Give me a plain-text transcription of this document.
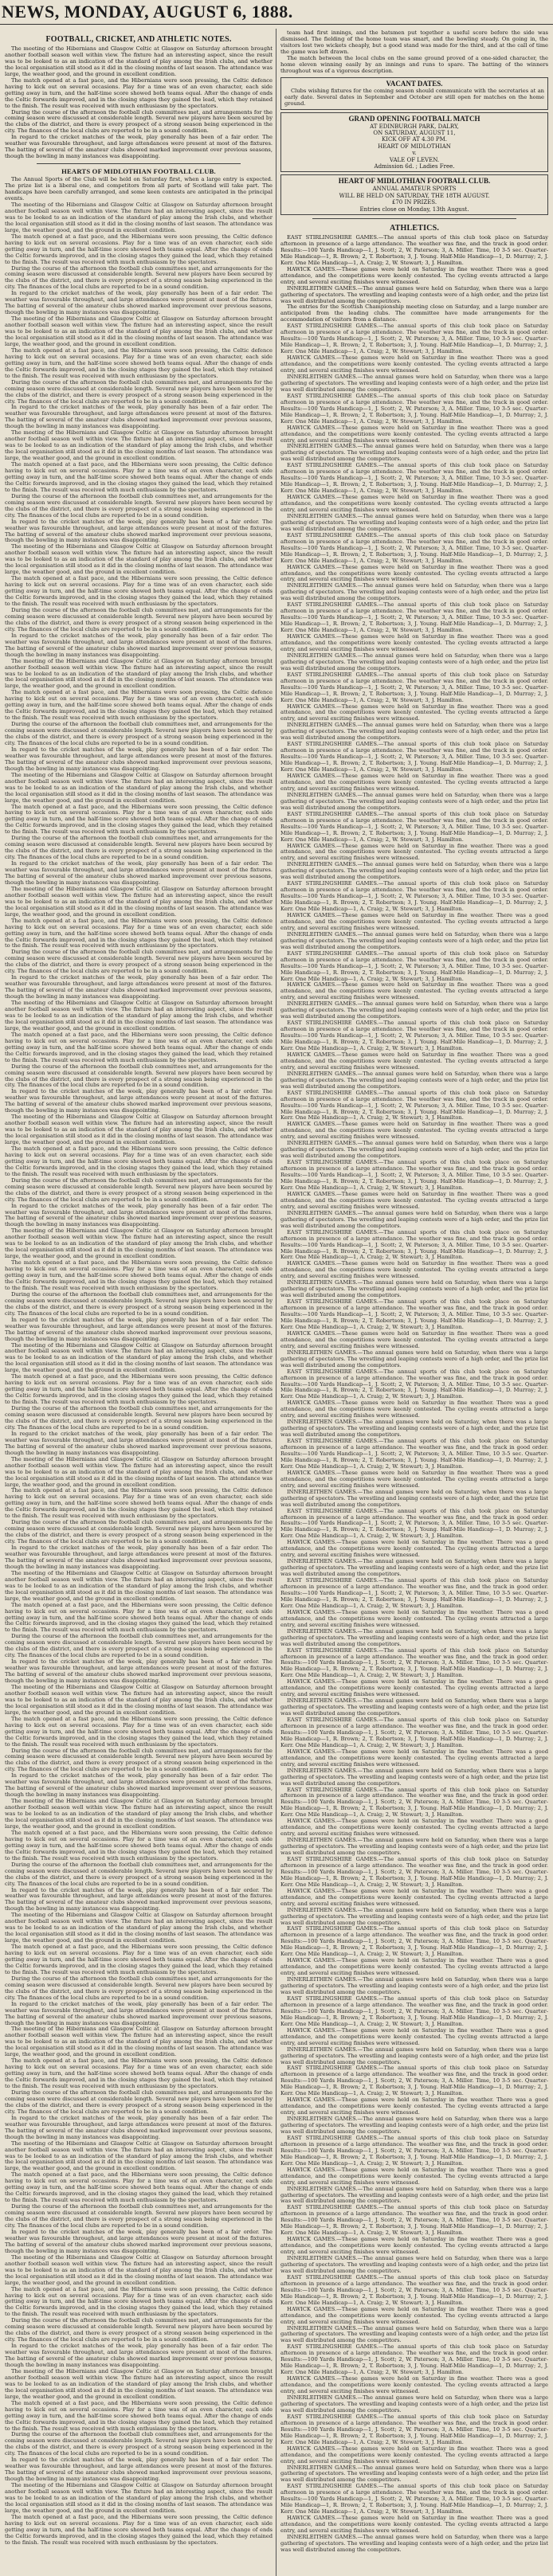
NEWS, MONDAY, AUGUST 6, 1888.
FOOTBALL, CRICKET, AND ATHLETIC NOTES.

The meeting of the Hibernians and Glasgow Celtic at Glasgow on Saturday afternoon brought another football season well within view. The fixture had an interesting aspect, since the result was to be looked to as an indication of the standard of play among the Irish clubs, and whether the local organisation still stood as it did in the closing months of last season. The attendance was large, the weather good, and the ground in excellent condition.

The match opened at a fast pace, and the Hibernians were soon pressing, the Celtic defence having to kick out on several occasions. Play for a time was of an even character, each side getting away in turn, and the half-time score showed both teams equal. After the change of ends the Celtic forwards improved, and in the closing stages they gained the lead, which they retained to the finish. The result was received with much enthusiasm by the spectators.

During the course of the afternoon the football club committees met, and arrangements for the coming season were discussed at considerable length. Several new players have been secured by the clubs of the district, and there is every prospect of a strong season being experienced in the city. The finances of the local clubs are reported to be in a sound condition.

In regard to the cricket matches of the week, play generally has been of a fair order. The weather was favourable throughout, and large attendances were present at most of the fixtures. The batting of several of the amateur clubs showed marked improvement over previous seasons, though the bowling in many instances was disappointing.

HEARTS OF MIDLOTHIAN FOOTBALL CLUB.

The Annual Sports of the Club will be held on Saturday first, when a large entry is expected. The prize list is a liberal one, and competitors from all parts of Scotland will take part. The handicaps have been carefully arranged, and some keen contests are anticipated in the principal events.

The meeting of the Hibernians and Glasgow Celtic at Glasgow on Saturday afternoon brought another football season well within view. The fixture had an interesting aspect, since the result was to be looked to as an indication of the standard of play among the Irish clubs, and whether the local organisation still stood as it did in the closing months of last season. The attendance was large, the weather good, and the ground in excellent condition.

The match opened at a fast pace, and the Hibernians were soon pressing, the Celtic defence having to kick out on several occasions. Play for a time was of an even character, each side getting away in turn, and the half-time score showed both teams equal. After the change of ends the Celtic forwards improved, and in the closing stages they gained the lead, which they retained to the finish. The result was received with much enthusiasm by the spectators.

During the course of the afternoon the football club committees met, and arrangements for the coming season were discussed at considerable length. Several new players have been secured by the clubs of the district, and there is every prospect of a strong season being experienced in the city. The finances of the local clubs are reported to be in a sound condition.

In regard to the cricket matches of the week, play generally has been of a fair order. The weather was favourable throughout, and large attendances were present at most of the fixtures. The batting of several of the amateur clubs showed marked improvement over previous seasons, though the bowling in many instances was disappointing.

The meeting of the Hibernians and Glasgow Celtic at Glasgow on Saturday afternoon brought another football season well within view. The fixture had an interesting aspect, since the result was to be looked to as an indication of the standard of play among the Irish clubs, and whether the local organisation still stood as it did in the closing months of last season. The attendance was large, the weather good, and the ground in excellent condition.

The match opened at a fast pace, and the Hibernians were soon pressing, the Celtic defence having to kick out on several occasions. Play for a time was of an even character, each side getting away in turn, and the half-time score showed both teams equal. After the change of ends the Celtic forwards improved, and in the closing stages they gained the lead, which they retained to the finish. The result was received with much enthusiasm by the spectators.

During the course of the afternoon the football club committees met, and arrangements for the coming season were discussed at considerable length. Several new players have been secured by the clubs of the district, and there is every prospect of a strong season being experienced in the city. The finances of the local clubs are reported to be in a sound condition.

In regard to the cricket matches of the week, play generally has been of a fair order. The weather was favourable throughout, and large attendances were present at most of the fixtures. The batting of several of the amateur clubs showed marked improvement over previous seasons, though the bowling in many instances was disappointing.

The meeting of the Hibernians and Glasgow Celtic at Glasgow on Saturday afternoon brought another football season well within view. The fixture had an interesting aspect, since the result was to be looked to as an indication of the standard of play among the Irish clubs, and whether the local organisation still stood as it did in the closing months of last season. The attendance was large, the weather good, and the ground in excellent condition.

The match opened at a fast pace, and the Hibernians were soon pressing, the Celtic defence having to kick out on several occasions. Play for a time was of an even character, each side getting away in turn, and the half-time score showed both teams equal. After the change of ends the Celtic forwards improved, and in the closing stages they gained the lead, which they retained to the finish. The result was received with much enthusiasm by the spectators.

During the course of the afternoon the football club committees met, and arrangements for the coming season were discussed at considerable length. Several new players have been secured by the clubs of the district, and there is every prospect of a strong season being experienced in the city. The finances of the local clubs are reported to be in a sound condition.

In regard to the cricket matches of the week, play generally has been of a fair order. The weather was favourable throughout, and large attendances were present at most of the fixtures. The batting of several of the amateur clubs showed marked improvement over previous seasons, though the bowling in many instances was disappointing.

The meeting of the Hibernians and Glasgow Celtic at Glasgow on Saturday afternoon brought another football season well within view. The fixture had an interesting aspect, since the result was to be looked to as an indication of the standard of play among the Irish clubs, and whether the local organisation still stood as it did in the closing months of last season. The attendance was large, the weather good, and the ground in excellent condition.

The match opened at a fast pace, and the Hibernians were soon pressing, the Celtic defence having to kick out on several occasions. Play for a time was of an even character, each side getting away in turn, and the half-time score showed both teams equal. After the change of ends the Celtic forwards improved, and in the closing stages they gained the lead, which they retained to the finish. The result was received with much enthusiasm by the spectators.

During the course of the afternoon the football club committees met, and arrangements for the coming season were discussed at considerable length. Several new players have been secured by the clubs of the district, and there is every prospect of a strong season being experienced in the city. The finances of the local clubs are reported to be in a sound condition.

In regard to the cricket matches of the week, play generally has been of a fair order. The weather was favourable throughout, and large attendances were present at most of the fixtures. The batting of several of the amateur clubs showed marked improvement over previous seasons, though the bowling in many instances was disappointing.

The meeting of the Hibernians and Glasgow Celtic at Glasgow on Saturday afternoon brought another football season well within view. The fixture had an interesting aspect, since the result was to be looked to as an indication of the standard of play among the Irish clubs, and whether the local organisation still stood as it did in the closing months of last season. The attendance was large, the weather good, and the ground in excellent condition.

The match opened at a fast pace, and the Hibernians were soon pressing, the Celtic defence having to kick out on several occasions. Play for a time was of an even character, each side getting away in turn, and the half-time score showed both teams equal. After the change of ends the Celtic forwards improved, and in the closing stages they gained the lead, which they retained to the finish. The result was received with much enthusiasm by the spectators.

During the course of the afternoon the football club committees met, and arrangements for the coming season were discussed at considerable length. Several new players have been secured by the clubs of the district, and there is every prospect of a strong season being experienced in the city. The finances of the local clubs are reported to be in a sound condition.

In regard to the cricket matches of the week, play generally has been of a fair order. The weather was favourable throughout, and large attendances were present at most of the fixtures. The batting of several of the amateur clubs showed marked improvement over previous seasons, though the bowling in many instances was disappointing.

The meeting of the Hibernians and Glasgow Celtic at Glasgow on Saturday afternoon brought another football season well within view. The fixture had an interesting aspect, since the result was to be looked to as an indication of the standard of play among the Irish clubs, and whether the local organisation still stood as it did in the closing months of last season. The attendance was large, the weather good, and the ground in excellent condition.

The match opened at a fast pace, and the Hibernians were soon pressing, the Celtic defence having to kick out on several occasions. Play for a time was of an even character, each side getting away in turn, and the half-time score showed both teams equal. After the change of ends the Celtic forwards improved, and in the closing stages they gained the lead, which they retained to the finish. The result was received with much enthusiasm by the spectators.

During the course of the afternoon the football club committees met, and arrangements for the coming season were discussed at considerable length. Several new players have been secured by the clubs of the district, and there is every prospect of a strong season being experienced in the city. The finances of the local clubs are reported to be in a sound condition.

In regard to the cricket matches of the week, play generally has been of a fair order. The weather was favourable throughout, and large attendances were present at most of the fixtures. The batting of several of the amateur clubs showed marked improvement over previous seasons, though the bowling in many instances was disappointing.

The meeting of the Hibernians and Glasgow Celtic at Glasgow on Saturday afternoon brought another football season well within view. The fixture had an interesting aspect, since the result was to be looked to as an indication of the standard of play among the Irish clubs, and whether the local organisation still stood as it did in the closing months of last season. The attendance was large, the weather good, and the ground in excellent condition.

The match opened at a fast pace, and the Hibernians were soon pressing, the Celtic defence having to kick out on several occasions. Play for a time was of an even character, each side getting away in turn, and the half-time score showed both teams equal. After the change of ends the Celtic forwards improved, and in the closing stages they gained the lead, which they retained to the finish. The result was received with much enthusiasm by the spectators.

During the course of the afternoon the football club committees met, and arrangements for the coming season were discussed at considerable length. Several new players have been secured by the clubs of the district, and there is every prospect of a strong season being experienced in the city. The finances of the local clubs are reported to be in a sound condition.

In regard to the cricket matches of the week, play generally has been of a fair order. The weather was favourable throughout, and large attendances were present at most of the fixtures. The batting of several of the amateur clubs showed marked improvement over previous seasons, though the bowling in many instances was disappointing.

The meeting of the Hibernians and Glasgow Celtic at Glasgow on Saturday afternoon brought another football season well within view. The fixture had an interesting aspect, since the result was to be looked to as an indication of the standard of play among the Irish clubs, and whether the local organisation still stood as it did in the closing months of last season. The attendance was large, the weather good, and the ground in excellent condition.

The match opened at a fast pace, and the Hibernians were soon pressing, the Celtic defence having to kick out on several occasions. Play for a time was of an even character, each side getting away in turn, and the half-time score showed both teams equal. After the change of ends the Celtic forwards improved, and in the closing stages they gained the lead, which they retained to the finish. The result was received with much enthusiasm by the spectators.

During the course of the afternoon the football club committees met, and arrangements for the coming season were discussed at considerable length. Several new players have been secured by the clubs of the district, and there is every prospect of a strong season being experienced in the city. The finances of the local clubs are reported to be in a sound condition.

In regard to the cricket matches of the week, play generally has been of a fair order. The weather was favourable throughout, and large attendances were present at most of the fixtures. The batting of several of the amateur clubs showed marked improvement over previous seasons, though the bowling in many instances was disappointing.

The meeting of the Hibernians and Glasgow Celtic at Glasgow on Saturday afternoon brought another football season well within view. The fixture had an interesting aspect, since the result was to be looked to as an indication of the standard of play among the Irish clubs, and whether the local organisation still stood as it did in the closing months of last season. The attendance was large, the weather good, and the ground in excellent condition.

The match opened at a fast pace, and the Hibernians were soon pressing, the Celtic defence having to kick out on several occasions. Play for a time was of an even character, each side getting away in turn, and the half-time score showed both teams equal. After the change of ends the Celtic forwards improved, and in the closing stages they gained the lead, which they retained to the finish. The result was received with much enthusiasm by the spectators.

During the course of the afternoon the football club committees met, and arrangements for the coming season were discussed at considerable length. Several new players have been secured by the clubs of the district, and there is every prospect of a strong season being experienced in the city. The finances of the local clubs are reported to be in a sound condition.

In regard to the cricket matches of the week, play generally has been of a fair order. The weather was favourable throughout, and large attendances were present at most of the fixtures. The batting of several of the amateur clubs showed marked improvement over previous seasons, though the bowling in many instances was disappointing.

The meeting of the Hibernians and Glasgow Celtic at Glasgow on Saturday afternoon brought another football season well within view. The fixture had an interesting aspect, since the result was to be looked to as an indication of the standard of play among the Irish clubs, and whether the local organisation still stood as it did in the closing months of last season. The attendance was large, the weather good, and the ground in excellent condition.

The match opened at a fast pace, and the Hibernians were soon pressing, the Celtic defence having to kick out on several occasions. Play for a time was of an even character, each side getting away in turn, and the half-time score showed both teams equal. After the change of ends the Celtic forwards improved, and in the closing stages they gained the lead, which they retained to the finish. The result was received with much enthusiasm by the spectators.

During the course of the afternoon the football club committees met, and arrangements for the coming season were discussed at considerable length. Several new players have been secured by the clubs of the district, and there is every prospect of a strong season being experienced in the city. The finances of the local clubs are reported to be in a sound condition.

In regard to the cricket matches of the week, play generally has been of a fair order. The weather was favourable throughout, and large attendances were present at most of the fixtures. The batting of several of the amateur clubs showed marked improvement over previous seasons, though the bowling in many instances was disappointing.

The meeting of the Hibernians and Glasgow Celtic at Glasgow on Saturday afternoon brought another football season well within view. The fixture had an interesting aspect, since the result was to be looked to as an indication of the standard of play among the Irish clubs, and whether the local organisation still stood as it did in the closing months of last season. The attendance was large, the weather good, and the ground in excellent condition.

The match opened at a fast pace, and the Hibernians were soon pressing, the Celtic defence having to kick out on several occasions. Play for a time was of an even character, each side getting away in turn, and the half-time score showed both teams equal. After the change of ends the Celtic forwards improved, and in the closing stages they gained the lead, which they retained to the finish. The result was received with much enthusiasm by the spectators.

During the course of the afternoon the football club committees met, and arrangements for the coming season were discussed at considerable length. Several new players have been secured by the clubs of the district, and there is every prospect of a strong season being experienced in the city. The finances of the local clubs are reported to be in a sound condition.

In regard to the cricket matches of the week, play generally has been of a fair order. The weather was favourable throughout, and large attendances were present at most of the fixtures. The batting of several of the amateur clubs showed marked improvement over previous seasons, though the bowling in many instances was disappointing.

The meeting of the Hibernians and Glasgow Celtic at Glasgow on Saturday afternoon brought another football season well within view. The fixture had an interesting aspect, since the result was to be looked to as an indication of the standard of play among the Irish clubs, and whether the local organisation still stood as it did in the closing months of last season. The attendance was large, the weather good, and the ground in excellent condition.

The match opened at a fast pace, and the Hibernians were soon pressing, the Celtic defence having to kick out on several occasions. Play for a time was of an even character, each side getting away in turn, and the half-time score showed both teams equal. After the change of ends the Celtic forwards improved, and in the closing stages they gained the lead, which they retained to the finish. The result was received with much enthusiasm by the spectators.

During the course of the afternoon the football club committees met, and arrangements for the coming season were discussed at considerable length. Several new players have been secured by the clubs of the district, and there is every prospect of a strong season being experienced in the city. The finances of the local clubs are reported to be in a sound condition.

In regard to the cricket matches of the week, play generally has been of a fair order. The weather was favourable throughout, and large attendances were present at most of the fixtures. The batting of several of the amateur clubs showed marked improvement over previous seasons, though the bowling in many instances was disappointing.

The meeting of the Hibernians and Glasgow Celtic at Glasgow on Saturday afternoon brought another football season well within view. The fixture had an interesting aspect, since the result was to be looked to as an indication of the standard of play among the Irish clubs, and whether the local organisation still stood as it did in the closing months of last season. The attendance was large, the weather good, and the ground in excellent condition.

The match opened at a fast pace, and the Hibernians were soon pressing, the Celtic defence having to kick out on several occasions. Play for a time was of an even character, each side getting away in turn, and the half-time score showed both teams equal. After the change of ends the Celtic forwards improved, and in the closing stages they gained the lead, which they retained to the finish. The result was received with much enthusiasm by the spectators.

During the course of the afternoon the football club committees met, and arrangements for the coming season were discussed at considerable length. Several new players have been secured by the clubs of the district, and there is every prospect of a strong season being experienced in the city. The finances of the local clubs are reported to be in a sound condition.

In regard to the cricket matches of the week, play generally has been of a fair order. The weather was favourable throughout, and large attendances were present at most of the fixtures. The batting of several of the amateur clubs showed marked improvement over previous seasons, though the bowling in many instances was disappointing.

The meeting of the Hibernians and Glasgow Celtic at Glasgow on Saturday afternoon brought another football season well within view. The fixture had an interesting aspect, since the result was to be looked to as an indication of the standard of play among the Irish clubs, and whether the local organisation still stood as it did in the closing months of last season. The attendance was large, the weather good, and the ground in excellent condition.

The match opened at a fast pace, and the Hibernians were soon pressing, the Celtic defence having to kick out on several occasions. Play for a time was of an even character, each side getting away in turn, and the half-time score showed both teams equal. After the change of ends the Celtic forwards improved, and in the closing stages they gained the lead, which they retained to the finish. The result was received with much enthusiasm by the spectators.

During the course of the afternoon the football club committees met, and arrangements for the coming season were discussed at considerable length. Several new players have been secured by the clubs of the district, and there is every prospect of a strong season being experienced in the city. The finances of the local clubs are reported to be in a sound condition.

In regard to the cricket matches of the week, play generally has been of a fair order. The weather was favourable throughout, and large attendances were present at most of the fixtures. The batting of several of the amateur clubs showed marked improvement over previous seasons, though the bowling in many instances was disappointing.

The meeting of the Hibernians and Glasgow Celtic at Glasgow on Saturday afternoon brought another football season well within view. The fixture had an interesting aspect, since the result was to be looked to as an indication of the standard of play among the Irish clubs, and whether the local organisation still stood as it did in the closing months of last season. The attendance was large, the weather good, and the ground in excellent condition.

The match opened at a fast pace, and the Hibernians were soon pressing, the Celtic defence having to kick out on several occasions. Play for a time was of an even character, each side getting away in turn, and the half-time score showed both teams equal. After the change of ends the Celtic forwards improved, and in the closing stages they gained the lead, which they retained to the finish. The result was received with much enthusiasm by the spectators.

During the course of the afternoon the football club committees met, and arrangements for the coming season were discussed at considerable length. Several new players have been secured by the clubs of the district, and there is every prospect of a strong season being experienced in the city. The finances of the local clubs are reported to be in a sound condition.

In regard to the cricket matches of the week, play generally has been of a fair order. The weather was favourable throughout, and large attendances were present at most of the fixtures. The batting of several of the amateur clubs showed marked improvement over previous seasons, though the bowling in many instances was disappointing.

The meeting of the Hibernians and Glasgow Celtic at Glasgow on Saturday afternoon brought another football season well within view. The fixture had an interesting aspect, since the result was to be looked to as an indication of the standard of play among the Irish clubs, and whether the local organisation still stood as it did in the closing months of last season. The attendance was large, the weather good, and the ground in excellent condition.

The match opened at a fast pace, and the Hibernians were soon pressing, the Celtic defence having to kick out on several occasions. Play for a time was of an even character, each side getting away in turn, and the half-time score showed both teams equal. After the change of ends the Celtic forwards improved, and in the closing stages they gained the lead, which they retained to the finish. The result was received with much enthusiasm by the spectators.

During the course of the afternoon the football club committees met, and arrangements for the coming season were discussed at considerable length. Several new players have been secured by the clubs of the district, and there is every prospect of a strong season being experienced in the city. The finances of the local clubs are reported to be in a sound condition.

In regard to the cricket matches of the week, play generally has been of a fair order. The weather was favourable throughout, and large attendances were present at most of the fixtures. The batting of several of the amateur clubs showed marked improvement over previous seasons, though the bowling in many instances was disappointing.

The meeting of the Hibernians and Glasgow Celtic at Glasgow on Saturday afternoon brought another football season well within view. The fixture had an interesting aspect, since the result was to be looked to as an indication of the standard of play among the Irish clubs, and whether the local organisation still stood as it did in the closing months of last season. The attendance was large, the weather good, and the ground in excellent condition.

The match opened at a fast pace, and the Hibernians were soon pressing, the Celtic defence having to kick out on several occasions. Play for a time was of an even character, each side getting away in turn, and the half-time score showed both teams equal. After the change of ends the Celtic forwards improved, and in the closing stages they gained the lead, which they retained to the finish. The result was received with much enthusiasm by the spectators.

During the course of the afternoon the football club committees met, and arrangements for the coming season were discussed at considerable length. Several new players have been secured by the clubs of the district, and there is every prospect of a strong season being experienced in the city. The finances of the local clubs are reported to be in a sound condition.

In regard to the cricket matches of the week, play generally has been of a fair order. The weather was favourable throughout, and large attendances were present at most of the fixtures. The batting of several of the amateur clubs showed marked improvement over previous seasons, though the bowling in many instances was disappointing.

The meeting of the Hibernians and Glasgow Celtic at Glasgow on Saturday afternoon brought another football season well within view. The fixture had an interesting aspect, since the result was to be looked to as an indication of the standard of play among the Irish clubs, and whether the local organisation still stood as it did in the closing months of last season. The attendance was large, the weather good, and the ground in excellent condition.

The match opened at a fast pace, and the Hibernians were soon pressing, the Celtic defence having to kick out on several occasions. Play for a time was of an even character, each side getting away in turn, and the half-time score showed both teams equal. After the change of ends the Celtic forwards improved, and in the closing stages they gained the lead, which they retained to the finish. The result was received with much enthusiasm by the spectators.

During the course of the afternoon the football club committees met, and arrangements for the coming season were discussed at considerable length. Several new players have been secured by the clubs of the district, and there is every prospect of a strong season being experienced in the city. The finances of the local clubs are reported to be in a sound condition.

In regard to the cricket matches of the week, play generally has been of a fair order. The weather was favourable throughout, and large attendances were present at most of the fixtures. The batting of several of the amateur clubs showed marked improvement over previous seasons, though the bowling in many instances was disappointing.

The meeting of the Hibernians and Glasgow Celtic at Glasgow on Saturday afternoon brought another football season well within view. The fixture had an interesting aspect, since the result was to be looked to as an indication of the standard of play among the Irish clubs, and whether the local organisation still stood as it did in the closing months of last season. The attendance was large, the weather good, and the ground in excellent condition.

The match opened at a fast pace, and the Hibernians were soon pressing, the Celtic defence having to kick out on several occasions. Play for a time was of an even character, each side getting away in turn, and the half-time score showed both teams equal. After the change of ends the Celtic forwards improved, and in the closing stages they gained the lead, which they retained to the finish. The result was received with much enthusiasm by the spectators.

During the course of the afternoon the football club committees met, and arrangements for the coming season were discussed at considerable length. Several new players have been secured by the clubs of the district, and there is every prospect of a strong season being experienced in the city. The finances of the local clubs are reported to be in a sound condition.

In regard to the cricket matches of the week, play generally has been of a fair order. The weather was favourable throughout, and large attendances were present at most of the fixtures. The batting of several of the amateur clubs showed marked improvement over previous seasons, though the bowling in many instances was disappointing.

The meeting of the Hibernians and Glasgow Celtic at Glasgow on Saturday afternoon brought another football season well within view. The fixture had an interesting aspect, since the result was to be looked to as an indication of the standard of play among the Irish clubs, and whether the local organisation still stood as it did in the closing months of last season. The attendance was large, the weather good, and the ground in excellent condition.

The match opened at a fast pace, and the Hibernians were soon pressing, the Celtic defence having to kick out on several occasions. Play for a time was of an even character, each side getting away in turn, and the half-time score showed both teams equal. After the change of ends the Celtic forwards improved, and in the closing stages they gained the lead, which they retained to the finish. The result was received with much enthusiasm by the spectators.

During the course of the afternoon the football club committees met, and arrangements for the coming season were discussed at considerable length. Several new players have been secured by the clubs of the district, and there is every prospect of a strong season being experienced in the city. The finances of the local clubs are reported to be in a sound condition.

In regard to the cricket matches of the week, play generally has been of a fair order. The weather was favourable throughout, and large attendances were present at most of the fixtures. The batting of several of the amateur clubs showed marked improvement over previous seasons, though the bowling in many instances was disappointing.

The meeting of the Hibernians and Glasgow Celtic at Glasgow on Saturday afternoon brought another football season well within view. The fixture had an interesting aspect, since the result was to be looked to as an indication of the standard of play among the Irish clubs, and whether the local organisation still stood as it did in the closing months of last season. The attendance was large, the weather good, and the ground in excellent condition.

The match opened at a fast pace, and the Hibernians were soon pressing, the Celtic defence having to kick out on several occasions. Play for a time was of an even character, each side getting away in turn, and the half-time score showed both teams equal. After the change of ends the Celtic forwards improved, and in the closing stages they gained the lead, which they retained to the finish. The result was received with much enthusiasm by the spectators.

team had first innings, and the batsmen put together a useful score before the side was dismissed. The fielding of the home team was smart, and the bowling steady. On going in, the visitors lost two wickets cheaply, but a good stand was made for the third, and at the call of time the game was left drawn.

The match between the local clubs on the same ground proved of a one-sided character, the home eleven winning easily by an innings and runs to spare. The batting of the winners throughout was of a vigorous description.

VACANT DATES.

Clubs wishing fixtures for the coming season should communicate with the secretaries at an early date. Several dates in September and October are still open for matches on the home ground.

GRAND OPENING FOOTBALL MATCH
AT EDINBURGH PARK, DALRY,
ON SATURDAY, AUGUST 11,
KICK OFF AT 4.30 PM.
HEART OF MIDLOTHIAN
v.
VALE OF LEVEN.
Admission 6d. ; Ladies Free.
HEART OF MIDLOTHIAN FOOTBALL CLUB.
ANNUAL AMATEUR SPORTS
WILL BE HELD ON SATURDAY, THE 18TH AUGUST.
£70 IN PRIZES.
Entries close on Monday, 13th August.
ATHLETICS.

EAST STIRLINGSHIRE GAMES.—The annual sports of this club took place on Saturday afternoon in presence of a large attendance. The weather was fine, and the track in good order. Results:—100 Yards Handicap—1, J. Scott; 2, W. Paterson; 3, A. Miller. Time, 10 3-5 sec. Quarter-Mile Handicap—1, R. Brown; 2, T. Robertson; 3, J. Young. Half-Mile Handicap—1, D. Murray; 2, J. Kerr. One Mile Handicap—1, A. Craig; 2, W. Stewart; 3, J. Hamilton.

HAWICK GAMES.—These games were held on Saturday in fine weather. There was a good attendance, and the competitions were keenly contested. The cycling events attracted a large entry, and several exciting finishes were witnessed.

INNERLEITHEN GAMES.—The annual games were held on Saturday, when there was a large gathering of spectators. The wrestling and leaping contests were of a high order, and the prize list was well distributed among the competitors.

The entries for the Scottish Championship meeting close on Saturday, and a large number are anticipated from the leading clubs. The committee have made arrangements for the accommodation of visitors from a distance.

EAST STIRLINGSHIRE GAMES.—The annual sports of this club took place on Saturday afternoon in presence of a large attendance. The weather was fine, and the track in good order. Results:—100 Yards Handicap—1, J. Scott; 2, W. Paterson; 3, A. Miller. Time, 10 3-5 sec. Quarter-Mile Handicap—1, R. Brown; 2, T. Robertson; 3, J. Young. Half-Mile Handicap—1, D. Murray; 2, J. Kerr. One Mile Handicap—1, A. Craig; 2, W. Stewart; 3, J. Hamilton.

HAWICK GAMES.—These games were held on Saturday in fine weather. There was a good attendance, and the competitions were keenly contested. The cycling events attracted a large entry, and several exciting finishes were witnessed.

INNERLEITHEN GAMES.—The annual games were held on Saturday, when there was a large gathering of spectators. The wrestling and leaping contests were of a high order, and the prize list was well distributed among the competitors.

EAST STIRLINGSHIRE GAMES.—The annual sports of this club took place on Saturday afternoon in presence of a large attendance. The weather was fine, and the track in good order. Results:—100 Yards Handicap—1, J. Scott; 2, W. Paterson; 3, A. Miller. Time, 10 3-5 sec. Quarter-Mile Handicap—1, R. Brown; 2, T. Robertson; 3, J. Young. Half-Mile Handicap—1, D. Murray; 2, J. Kerr. One Mile Handicap—1, A. Craig; 2, W. Stewart; 3, J. Hamilton.

HAWICK GAMES.—These games were held on Saturday in fine weather. There was a good attendance, and the competitions were keenly contested. The cycling events attracted a large entry, and several exciting finishes were witnessed.

INNERLEITHEN GAMES.—The annual games were held on Saturday, when there was a large gathering of spectators. The wrestling and leaping contests were of a high order, and the prize list was well distributed among the competitors.

EAST STIRLINGSHIRE GAMES.—The annual sports of this club took place on Saturday afternoon in presence of a large attendance. The weather was fine, and the track in good order. Results:—100 Yards Handicap—1, J. Scott; 2, W. Paterson; 3, A. Miller. Time, 10 3-5 sec. Quarter-Mile Handicap—1, R. Brown; 2, T. Robertson; 3, J. Young. Half-Mile Handicap—1, D. Murray; 2, J. Kerr. One Mile Handicap—1, A. Craig; 2, W. Stewart; 3, J. Hamilton.

HAWICK GAMES.—These games were held on Saturday in fine weather. There was a good attendance, and the competitions were keenly contested. The cycling events attracted a large entry, and several exciting finishes were witnessed.

INNERLEITHEN GAMES.—The annual games were held on Saturday, when there was a large gathering of spectators. The wrestling and leaping contests were of a high order, and the prize list was well distributed among the competitors.

EAST STIRLINGSHIRE GAMES.—The annual sports of this club took place on Saturday afternoon in presence of a large attendance. The weather was fine, and the track in good order. Results:—100 Yards Handicap—1, J. Scott; 2, W. Paterson; 3, A. Miller. Time, 10 3-5 sec. Quarter-Mile Handicap—1, R. Brown; 2, T. Robertson; 3, J. Young. Half-Mile Handicap—1, D. Murray; 2, J. Kerr. One Mile Handicap—1, A. Craig; 2, W. Stewart; 3, J. Hamilton.

HAWICK GAMES.—These games were held on Saturday in fine weather. There was a good attendance, and the competitions were keenly contested. The cycling events attracted a large entry, and several exciting finishes were witnessed.

INNERLEITHEN GAMES.—The annual games were held on Saturday, when there was a large gathering of spectators. The wrestling and leaping contests were of a high order, and the prize list was well distributed among the competitors.

EAST STIRLINGSHIRE GAMES.—The annual sports of this club took place on Saturday afternoon in presence of a large attendance. The weather was fine, and the track in good order. Results:—100 Yards Handicap—1, J. Scott; 2, W. Paterson; 3, A. Miller. Time, 10 3-5 sec. Quarter-Mile Handicap—1, R. Brown; 2, T. Robertson; 3, J. Young. Half-Mile Handicap—1, D. Murray; 2, J. Kerr. One Mile Handicap—1, A. Craig; 2, W. Stewart; 3, J. Hamilton.

HAWICK GAMES.—These games were held on Saturday in fine weather. There was a good attendance, and the competitions were keenly contested. The cycling events attracted a large entry, and several exciting finishes were witnessed.

INNERLEITHEN GAMES.—The annual games were held on Saturday, when there was a large gathering of spectators. The wrestling and leaping contests were of a high order, and the prize list was well distributed among the competitors.

EAST STIRLINGSHIRE GAMES.—The annual sports of this club took place on Saturday afternoon in presence of a large attendance. The weather was fine, and the track in good order. Results:—100 Yards Handicap—1, J. Scott; 2, W. Paterson; 3, A. Miller. Time, 10 3-5 sec. Quarter-Mile Handicap—1, R. Brown; 2, T. Robertson; 3, J. Young. Half-Mile Handicap—1, D. Murray; 2, J. Kerr. One Mile Handicap—1, A. Craig; 2, W. Stewart; 3, J. Hamilton.

HAWICK GAMES.—These games were held on Saturday in fine weather. There was a good attendance, and the competitions were keenly contested. The cycling events attracted a large entry, and several exciting finishes were witnessed.

INNERLEITHEN GAMES.—The annual games were held on Saturday, when there was a large gathering of spectators. The wrestling and leaping contests were of a high order, and the prize list was well distributed among the competitors.

EAST STIRLINGSHIRE GAMES.—The annual sports of this club took place on Saturday afternoon in presence of a large attendance. The weather was fine, and the track in good order. Results:—100 Yards Handicap—1, J. Scott; 2, W. Paterson; 3, A. Miller. Time, 10 3-5 sec. Quarter-Mile Handicap—1, R. Brown; 2, T. Robertson; 3, J. Young. Half-Mile Handicap—1, D. Murray; 2, J. Kerr. One Mile Handicap—1, A. Craig; 2, W. Stewart; 3, J. Hamilton.

HAWICK GAMES.—These games were held on Saturday in fine weather. There was a good attendance, and the competitions were keenly contested. The cycling events attracted a large entry, and several exciting finishes were witnessed.

INNERLEITHEN GAMES.—The annual games were held on Saturday, when there was a large gathering of spectators. The wrestling and leaping contests were of a high order, and the prize list was well distributed among the competitors.

EAST STIRLINGSHIRE GAMES.—The annual sports of this club took place on Saturday afternoon in presence of a large attendance. The weather was fine, and the track in good order. Results:—100 Yards Handicap—1, J. Scott; 2, W. Paterson; 3, A. Miller. Time, 10 3-5 sec. Quarter-Mile Handicap—1, R. Brown; 2, T. Robertson; 3, J. Young. Half-Mile Handicap—1, D. Murray; 2, J. Kerr. One Mile Handicap—1, A. Craig; 2, W. Stewart; 3, J. Hamilton.

HAWICK GAMES.—These games were held on Saturday in fine weather. There was a good attendance, and the competitions were keenly contested. The cycling events attracted a large entry, and several exciting finishes were witnessed.

INNERLEITHEN GAMES.—The annual games were held on Saturday, when there was a large gathering of spectators. The wrestling and leaping contests were of a high order, and the prize list was well distributed among the competitors.

EAST STIRLINGSHIRE GAMES.—The annual sports of this club took place on Saturday afternoon in presence of a large attendance. The weather was fine, and the track in good order. Results:—100 Yards Handicap—1, J. Scott; 2, W. Paterson; 3, A. Miller. Time, 10 3-5 sec. Quarter-Mile Handicap—1, R. Brown; 2, T. Robertson; 3, J. Young. Half-Mile Handicap—1, D. Murray; 2, J. Kerr. One Mile Handicap—1, A. Craig; 2, W. Stewart; 3, J. Hamilton.

HAWICK GAMES.—These games were held on Saturday in fine weather. There was a good attendance, and the competitions were keenly contested. The cycling events attracted a large entry, and several exciting finishes were witnessed.

INNERLEITHEN GAMES.—The annual games were held on Saturday, when there was a large gathering of spectators. The wrestling and leaping contests were of a high order, and the prize list was well distributed among the competitors.

EAST STIRLINGSHIRE GAMES.—The annual sports of this club took place on Saturday afternoon in presence of a large attendance. The weather was fine, and the track in good order. Results:—100 Yards Handicap—1, J. Scott; 2, W. Paterson; 3, A. Miller. Time, 10 3-5 sec. Quarter-Mile Handicap—1, R. Brown; 2, T. Robertson; 3, J. Young. Half-Mile Handicap—1, D. Murray; 2, J. Kerr. One Mile Handicap—1, A. Craig; 2, W. Stewart; 3, J. Hamilton.

HAWICK GAMES.—These games were held on Saturday in fine weather. There was a good attendance, and the competitions were keenly contested. The cycling events attracted a large entry, and several exciting finishes were witnessed.

INNERLEITHEN GAMES.—The annual games were held on Saturday, when there was a large gathering of spectators. The wrestling and leaping contests were of a high order, and the prize list was well distributed among the competitors.

EAST STIRLINGSHIRE GAMES.—The annual sports of this club took place on Saturday afternoon in presence of a large attendance. The weather was fine, and the track in good order. Results:—100 Yards Handicap—1, J. Scott; 2, W. Paterson; 3, A. Miller. Time, 10 3-5 sec. Quarter-Mile Handicap—1, R. Brown; 2, T. Robertson; 3, J. Young. Half-Mile Handicap—1, D. Murray; 2, J. Kerr. One Mile Handicap—1, A. Craig; 2, W. Stewart; 3, J. Hamilton.

HAWICK GAMES.—These games were held on Saturday in fine weather. There was a good attendance, and the competitions were keenly contested. The cycling events attracted a large entry, and several exciting finishes were witnessed.

INNERLEITHEN GAMES.—The annual games were held on Saturday, when there was a large gathering of spectators. The wrestling and leaping contests were of a high order, and the prize list was well distributed among the competitors.

EAST STIRLINGSHIRE GAMES.—The annual sports of this club took place on Saturday afternoon in presence of a large attendance. The weather was fine, and the track in good order. Results:—100 Yards Handicap—1, J. Scott; 2, W. Paterson; 3, A. Miller. Time, 10 3-5 sec. Quarter-Mile Handicap—1, R. Brown; 2, T. Robertson; 3, J. Young. Half-Mile Handicap—1, D. Murray; 2, J. Kerr. One Mile Handicap—1, A. Craig; 2, W. Stewart; 3, J. Hamilton.

HAWICK GAMES.—These games were held on Saturday in fine weather. There was a good attendance, and the competitions were keenly contested. The cycling events attracted a large entry, and several exciting finishes were witnessed.

INNERLEITHEN GAMES.—The annual games were held on Saturday, when there was a large gathering of spectators. The wrestling and leaping contests were of a high order, and the prize list was well distributed among the competitors.

EAST STIRLINGSHIRE GAMES.—The annual sports of this club took place on Saturday afternoon in presence of a large attendance. The weather was fine, and the track in good order. Results:—100 Yards Handicap—1, J. Scott; 2, W. Paterson; 3, A. Miller. Time, 10 3-5 sec. Quarter-Mile Handicap—1, R. Brown; 2, T. Robertson; 3, J. Young. Half-Mile Handicap—1, D. Murray; 2, J. Kerr. One Mile Handicap—1, A. Craig; 2, W. Stewart; 3, J. Hamilton.

HAWICK GAMES.—These games were held on Saturday in fine weather. There was a good attendance, and the competitions were keenly contested. The cycling events attracted a large entry, and several exciting finishes were witnessed.

INNERLEITHEN GAMES.—The annual games were held on Saturday, when there was a large gathering of spectators. The wrestling and leaping contests were of a high order, and the prize list was well distributed among the competitors.

EAST STIRLINGSHIRE GAMES.—The annual sports of this club took place on Saturday afternoon in presence of a large attendance. The weather was fine, and the track in good order. Results:—100 Yards Handicap—1, J. Scott; 2, W. Paterson; 3, A. Miller. Time, 10 3-5 sec. Quarter-Mile Handicap—1, R. Brown; 2, T. Robertson; 3, J. Young. Half-Mile Handicap—1, D. Murray; 2, J. Kerr. One Mile Handicap—1, A. Craig; 2, W. Stewart; 3, J. Hamilton.

HAWICK GAMES.—These games were held on Saturday in fine weather. There was a good attendance, and the competitions were keenly contested. The cycling events attracted a large entry, and several exciting finishes were witnessed.

INNERLEITHEN GAMES.—The annual games were held on Saturday, when there was a large gathering of spectators. The wrestling and leaping contests were of a high order, and the prize list was well distributed among the competitors.

EAST STIRLINGSHIRE GAMES.—The annual sports of this club took place on Saturday afternoon in presence of a large attendance. The weather was fine, and the track in good order. Results:—100 Yards Handicap—1, J. Scott; 2, W. Paterson; 3, A. Miller. Time, 10 3-5 sec. Quarter-Mile Handicap—1, R. Brown; 2, T. Robertson; 3, J. Young. Half-Mile Handicap—1, D. Murray; 2, J. Kerr. One Mile Handicap—1, A. Craig; 2, W. Stewart; 3, J. Hamilton.

HAWICK GAMES.—These games were held on Saturday in fine weather. There was a good attendance, and the competitions were keenly contested. The cycling events attracted a large entry, and several exciting finishes were witnessed.

INNERLEITHEN GAMES.—The annual games were held on Saturday, when there was a large gathering of spectators. The wrestling and leaping contests were of a high order, and the prize list was well distributed among the competitors.

EAST STIRLINGSHIRE GAMES.—The annual sports of this club took place on Saturday afternoon in presence of a large attendance. The weather was fine, and the track in good order. Results:—100 Yards Handicap—1, J. Scott; 2, W. Paterson; 3, A. Miller. Time, 10 3-5 sec. Quarter-Mile Handicap—1, R. Brown; 2, T. Robertson; 3, J. Young. Half-Mile Handicap—1, D. Murray; 2, J. Kerr. One Mile Handicap—1, A. Craig; 2, W. Stewart; 3, J. Hamilton.

HAWICK GAMES.—These games were held on Saturday in fine weather. There was a good attendance, and the competitions were keenly contested. The cycling events attracted a large entry, and several exciting finishes were witnessed.

INNERLEITHEN GAMES.—The annual games were held on Saturday, when there was a large gathering of spectators. The wrestling and leaping contests were of a high order, and the prize list was well distributed among the competitors.

EAST STIRLINGSHIRE GAMES.—The annual sports of this club took place on Saturday afternoon in presence of a large attendance. The weather was fine, and the track in good order. Results:—100 Yards Handicap—1, J. Scott; 2, W. Paterson; 3, A. Miller. Time, 10 3-5 sec. Quarter-Mile Handicap—1, R. Brown; 2, T. Robertson; 3, J. Young. Half-Mile Handicap—1, D. Murray; 2, J. Kerr. One Mile Handicap—1, A. Craig; 2, W. Stewart; 3, J. Hamilton.

HAWICK GAMES.—These games were held on Saturday in fine weather. There was a good attendance, and the competitions were keenly contested. The cycling events attracted a large entry, and several exciting finishes were witnessed.

INNERLEITHEN GAMES.—The annual games were held on Saturday, when there was a large gathering of spectators. The wrestling and leaping contests were of a high order, and the prize list was well distributed among the competitors.

EAST STIRLINGSHIRE GAMES.—The annual sports of this club took place on Saturday afternoon in presence of a large attendance. The weather was fine, and the track in good order. Results:—100 Yards Handicap—1, J. Scott; 2, W. Paterson; 3, A. Miller. Time, 10 3-5 sec. Quarter-Mile Handicap—1, R. Brown; 2, T. Robertson; 3, J. Young. Half-Mile Handicap—1, D. Murray; 2, J. Kerr. One Mile Handicap—1, A. Craig; 2, W. Stewart; 3, J. Hamilton.

HAWICK GAMES.—These games were held on Saturday in fine weather. There was a good attendance, and the competitions were keenly contested. The cycling events attracted a large entry, and several exciting finishes were witnessed.

INNERLEITHEN GAMES.—The annual games were held on Saturday, when there was a large gathering of spectators. The wrestling and leaping contests were of a high order, and the prize list was well distributed among the competitors.

EAST STIRLINGSHIRE GAMES.—The annual sports of this club took place on Saturday afternoon in presence of a large attendance. The weather was fine, and the track in good order. Results:—100 Yards Handicap—1, J. Scott; 2, W. Paterson; 3, A. Miller. Time, 10 3-5 sec. Quarter-Mile Handicap—1, R. Brown; 2, T. Robertson; 3, J. Young. Half-Mile Handicap—1, D. Murray; 2, J. Kerr. One Mile Handicap—1, A. Craig; 2, W. Stewart; 3, J. Hamilton.

HAWICK GAMES.—These games were held on Saturday in fine weather. There was a good attendance, and the competitions were keenly contested. The cycling events attracted a large entry, and several exciting finishes were witnessed.

INNERLEITHEN GAMES.—The annual games were held on Saturday, when there was a large gathering of spectators. The wrestling and leaping contests were of a high order, and the prize list was well distributed among the competitors.

EAST STIRLINGSHIRE GAMES.—The annual sports of this club took place on Saturday afternoon in presence of a large attendance. The weather was fine, and the track in good order. Results:—100 Yards Handicap—1, J. Scott; 2, W. Paterson; 3, A. Miller. Time, 10 3-5 sec. Quarter-Mile Handicap—1, R. Brown; 2, T. Robertson; 3, J. Young. Half-Mile Handicap—1, D. Murray; 2, J. Kerr. One Mile Handicap—1, A. Craig; 2, W. Stewart; 3, J. Hamilton.

HAWICK GAMES.—These games were held on Saturday in fine weather. There was a good attendance, and the competitions were keenly contested. The cycling events attracted a large entry, and several exciting finishes were witnessed.

INNERLEITHEN GAMES.—The annual games were held on Saturday, when there was a large gathering of spectators. The wrestling and leaping contests were of a high order, and the prize list was well distributed among the competitors.

EAST STIRLINGSHIRE GAMES.—The annual sports of this club took place on Saturday afternoon in presence of a large attendance. The weather was fine, and the track in good order. Results:—100 Yards Handicap—1, J. Scott; 2, W. Paterson; 3, A. Miller. Time, 10 3-5 sec. Quarter-Mile Handicap—1, R. Brown; 2, T. Robertson; 3, J. Young. Half-Mile Handicap—1, D. Murray; 2, J. Kerr. One Mile Handicap—1, A. Craig; 2, W. Stewart; 3, J. Hamilton.

HAWICK GAMES.—These games were held on Saturday in fine weather. There was a good attendance, and the competitions were keenly contested. The cycling events attracted a large entry, and several exciting finishes were witnessed.

INNERLEITHEN GAMES.—The annual games were held on Saturday, when there was a large gathering of spectators. The wrestling and leaping contests were of a high order, and the prize list was well distributed among the competitors.

EAST STIRLINGSHIRE GAMES.—The annual sports of this club took place on Saturday afternoon in presence of a large attendance. The weather was fine, and the track in good order. Results:—100 Yards Handicap—1, J. Scott; 2, W. Paterson; 3, A. Miller. Time, 10 3-5 sec. Quarter-Mile Handicap—1, R. Brown; 2, T. Robertson; 3, J. Young. Half-Mile Handicap—1, D. Murray; 2, J. Kerr. One Mile Handicap—1, A. Craig; 2, W. Stewart; 3, J. Hamilton.

HAWICK GAMES.—These games were held on Saturday in fine weather. There was a good attendance, and the competitions were keenly contested. The cycling events attracted a large entry, and several exciting finishes were witnessed.

INNERLEITHEN GAMES.—The annual games were held on Saturday, when there was a large gathering of spectators. The wrestling and leaping contests were of a high order, and the prize list was well distributed among the competitors.

EAST STIRLINGSHIRE GAMES.—The annual sports of this club took place on Saturday afternoon in presence of a large attendance. The weather was fine, and the track in good order. Results:—100 Yards Handicap—1, J. Scott; 2, W. Paterson; 3, A. Miller. Time, 10 3-5 sec. Quarter-Mile Handicap—1, R. Brown; 2, T. Robertson; 3, J. Young. Half-Mile Handicap—1, D. Murray; 2, J. Kerr. One Mile Handicap—1, A. Craig; 2, W. Stewart; 3, J. Hamilton.

HAWICK GAMES.—These games were held on Saturday in fine weather. There was a good attendance, and the competitions were keenly contested. The cycling events attracted a large entry, and several exciting finishes were witnessed.

INNERLEITHEN GAMES.—The annual games were held on Saturday, when there was a large gathering of spectators. The wrestling and leaping contests were of a high order, and the prize list was well distributed among the competitors.

EAST STIRLINGSHIRE GAMES.—The annual sports of this club took place on Saturday afternoon in presence of a large attendance. The weather was fine, and the track in good order. Results:—100 Yards Handicap—1, J. Scott; 2, W. Paterson; 3, A. Miller. Time, 10 3-5 sec. Quarter-Mile Handicap—1, R. Brown; 2, T. Robertson; 3, J. Young. Half-Mile Handicap—1, D. Murray; 2, J. Kerr. One Mile Handicap—1, A. Craig; 2, W. Stewart; 3, J. Hamilton.

HAWICK GAMES.—These games were held on Saturday in fine weather. There was a good attendance, and the competitions were keenly contested. The cycling events attracted a large entry, and several exciting finishes were witnessed.

INNERLEITHEN GAMES.—The annual games were held on Saturday, when there was a large gathering of spectators. The wrestling and leaping contests were of a high order, and the prize list was well distributed among the competitors.

EAST STIRLINGSHIRE GAMES.—The annual sports of this club took place on Saturday afternoon in presence of a large attendance. The weather was fine, and the track in good order. Results:—100 Yards Handicap—1, J. Scott; 2, W. Paterson; 3, A. Miller. Time, 10 3-5 sec. Quarter-Mile Handicap—1, R. Brown; 2, T. Robertson; 3, J. Young. Half-Mile Handicap—1, D. Murray; 2, J. Kerr. One Mile Handicap—1, A. Craig; 2, W. Stewart; 3, J. Hamilton.

HAWICK GAMES.—These games were held on Saturday in fine weather. There was a good attendance, and the competitions were keenly contested. The cycling events attracted a large entry, and several exciting finishes were witnessed.

INNERLEITHEN GAMES.—The annual games were held on Saturday, when there was a large gathering of spectators. The wrestling and leaping contests were of a high order, and the prize list was well distributed among the competitors.

EAST STIRLINGSHIRE GAMES.—The annual sports of this club took place on Saturday afternoon in presence of a large attendance. The weather was fine, and the track in good order. Results:—100 Yards Handicap—1, J. Scott; 2, W. Paterson; 3, A. Miller. Time, 10 3-5 sec. Quarter-Mile Handicap—1, R. Brown; 2, T. Robertson; 3, J. Young. Half-Mile Handicap—1, D. Murray; 2, J. Kerr. One Mile Handicap—1, A. Craig; 2, W. Stewart; 3, J. Hamilton.

HAWICK GAMES.—These games were held on Saturday in fine weather. There was a good attendance, and the competitions were keenly contested. The cycling events attracted a large entry, and several exciting finishes were witnessed.

INNERLEITHEN GAMES.—The annual games were held on Saturday, when there was a large gathering of spectators. The wrestling and leaping contests were of a high order, and the prize list was well distributed among the competitors.

EAST STIRLINGSHIRE GAMES.—The annual sports of this club took place on Saturday afternoon in presence of a large attendance. The weather was fine, and the track in good order. Results:—100 Yards Handicap—1, J. Scott; 2, W. Paterson; 3, A. Miller. Time, 10 3-5 sec. Quarter-Mile Handicap—1, R. Brown; 2, T. Robertson; 3, J. Young. Half-Mile Handicap—1, D. Murray; 2, J. Kerr. One Mile Handicap—1, A. Craig; 2, W. Stewart; 3, J. Hamilton.

HAWICK GAMES.—These games were held on Saturday in fine weather. There was a good attendance, and the competitions were keenly contested. The cycling events attracted a large entry, and several exciting finishes were witnessed.

INNERLEITHEN GAMES.—The annual games were held on Saturday, when there was a large gathering of spectators. The wrestling and leaping contests were of a high order, and the prize list was well distributed among the competitors.

EAST STIRLINGSHIRE GAMES.—The annual sports of this club took place on Saturday afternoon in presence of a large attendance. The weather was fine, and the track in good order. Results:—100 Yards Handicap—1, J. Scott; 2, W. Paterson; 3, A. Miller. Time, 10 3-5 sec. Quarter-Mile Handicap—1, R. Brown; 2, T. Robertson; 3, J. Young. Half-Mile Handicap—1, D. Murray; 2, J. Kerr. One Mile Handicap—1, A. Craig; 2, W. Stewart; 3, J. Hamilton.

HAWICK GAMES.—These games were held on Saturday in fine weather. There was a good attendance, and the competitions were keenly contested. The cycling events attracted a large entry, and several exciting finishes were witnessed.

INNERLEITHEN GAMES.—The annual games were held on Saturday, when there was a large gathering of spectators. The wrestling and leaping contests were of a high order, and the prize list was well distributed among the competitors.

EAST STIRLINGSHIRE GAMES.—The annual sports of this club took place on Saturday afternoon in presence of a large attendance. The weather was fine, and the track in good order. Results:—100 Yards Handicap—1, J. Scott; 2, W. Paterson; 3, A. Miller. Time, 10 3-5 sec. Quarter-Mile Handicap—1, R. Brown; 2, T. Robertson; 3, J. Young. Half-Mile Handicap—1, D. Murray; 2, J. Kerr. One Mile Handicap—1, A. Craig; 2, W. Stewart; 3, J. Hamilton.

HAWICK GAMES.—These games were held on Saturday in fine weather. There was a good attendance, and the competitions were keenly contested. The cycling events attracted a large entry, and several exciting finishes were witnessed.

INNERLEITHEN GAMES.—The annual games were held on Saturday, when there was a large gathering of spectators. The wrestling and leaping contests were of a high order, and the prize list was well distributed among the competitors.

EAST STIRLINGSHIRE GAMES.—The annual sports of this club took place on Saturday afternoon in presence of a large attendance. The weather was fine, and the track in good order. Results:—100 Yards Handicap—1, J. Scott; 2, W. Paterson; 3, A. Miller. Time, 10 3-5 sec. Quarter-Mile Handicap—1, R. Brown; 2, T. Robertson; 3, J. Young. Half-Mile Handicap—1, D. Murray; 2, J. Kerr. One Mile Handicap—1, A. Craig; 2, W. Stewart; 3, J. Hamilton.

HAWICK GAMES.—These games were held on Saturday in fine weather. There was a good attendance, and the competitions were keenly contested. The cycling events attracted a large entry, and several exciting finishes were witnessed.

INNERLEITHEN GAMES.—The annual games were held on Saturday, when there was a large gathering of spectators. The wrestling and leaping contests were of a high order, and the prize list was well distributed among the competitors.

EAST STIRLINGSHIRE GAMES.—The annual sports of this club took place on Saturday afternoon in presence of a large attendance. The weather was fine, and the track in good order. Results:—100 Yards Handicap—1, J. Scott; 2, W. Paterson; 3, A. Miller. Time, 10 3-5 sec. Quarter-Mile Handicap—1, R. Brown; 2, T. Robertson; 3, J. Young. Half-Mile Handicap—1, D. Murray; 2, J. Kerr. One Mile Handicap—1, A. Craig; 2, W. Stewart; 3, J. Hamilton.

HAWICK GAMES.—These games were held on Saturday in fine weather. There was a good attendance, and the competitions were keenly contested. The cycling events attracted a large entry, and several exciting finishes were witnessed.

INNERLEITHEN GAMES.—The annual games were held on Saturday, when there was a large gathering of spectators. The wrestling and leaping contests were of a high order, and the prize list was well distributed among the competitors.

EAST STIRLINGSHIRE GAMES.—The annual sports of this club took place on Saturday afternoon in presence of a large attendance. The weather was fine, and the track in good order. Results:—100 Yards Handicap—1, J. Scott; 2, W. Paterson; 3, A. Miller. Time, 10 3-5 sec. Quarter-Mile Handicap—1, R. Brown; 2, T. Robertson; 3, J. Young. Half-Mile Handicap—1, D. Murray; 2, J. Kerr. One Mile Handicap—1, A. Craig; 2, W. Stewart; 3, J. Hamilton.

HAWICK GAMES.—These games were held on Saturday in fine weather. There was a good attendance, and the competitions were keenly contested. The cycling events attracted a large entry, and several exciting finishes were witnessed.

INNERLEITHEN GAMES.—The annual games were held on Saturday, when there was a large gathering of spectators. The wrestling and leaping contests were of a high order, and the prize list was well distributed among the competitors.
